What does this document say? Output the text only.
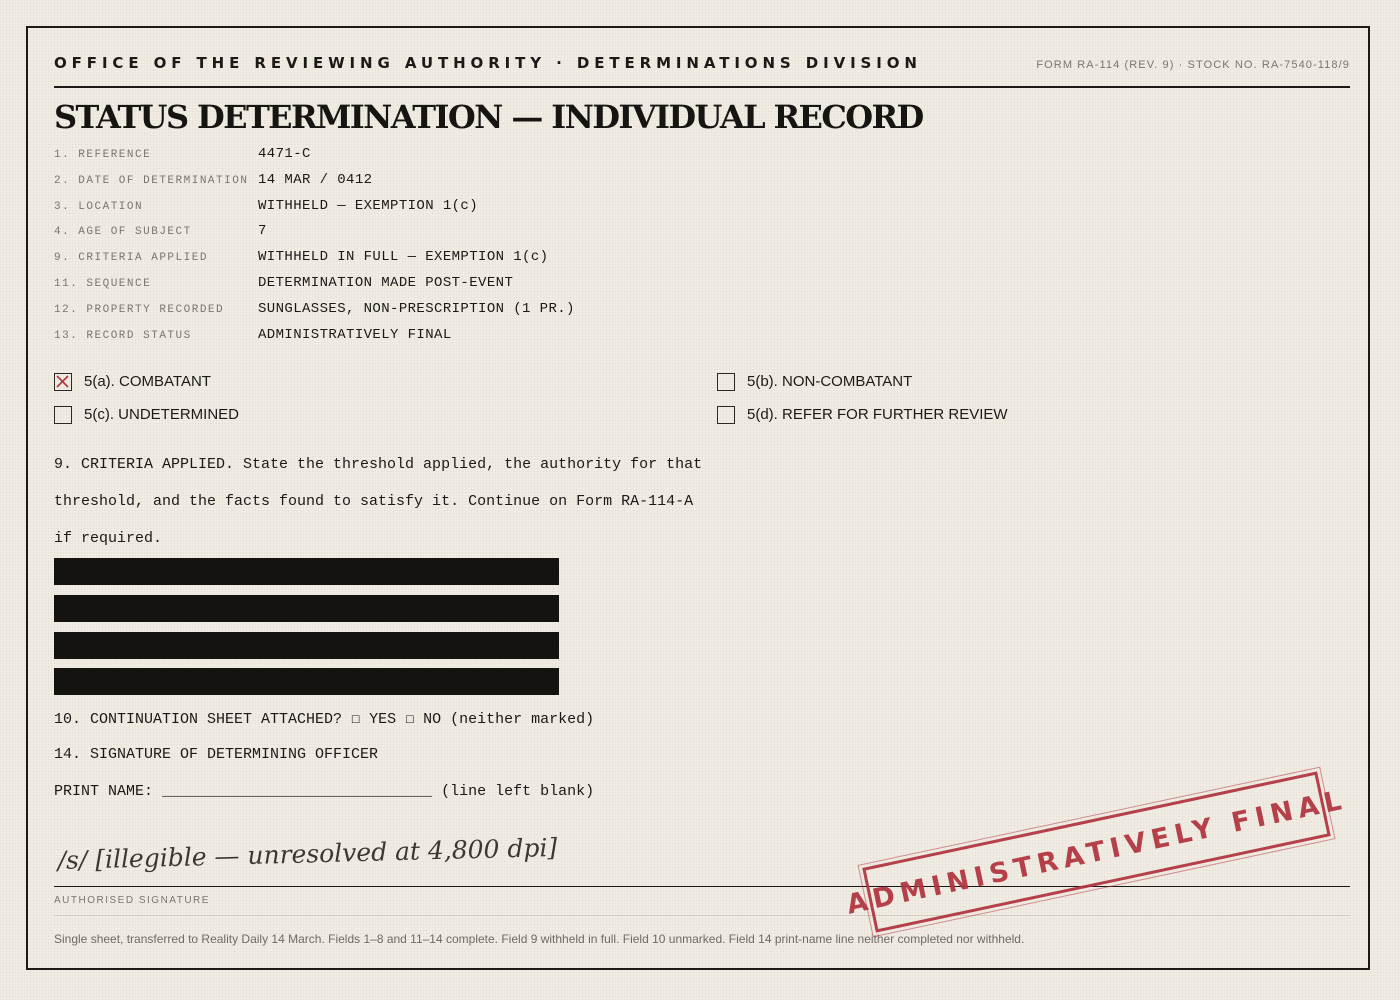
OFFICE OF THE REVIEWING AUTHORITY · DETERMINATIONS DIVISION	FORM RA-114 (REV. 9) · STOCK NO. RA-7540-118/9
STATUS DETERMINATION — INDIVIDUAL RECORD
1. REFERENCE	4471-C
2. DATE OF DETERMINATION 14 MAR / 0412
3. LOCATION	WITHHELD — EXEMPTION 1(c)
4. AGE OF SUBJECT	7
9. CRITERIA APPLIED	WITHHELD IN FULL — EXEMPTION 1(c)
11. SEQUENCE	DETERMINATION MADE POST-EVENT
12. PROPERTY RECORDED SUNGLASSES, NON-PRESCRIPTION (1 PR.)
13. RECORD STATUS	ADMINISTRATIVELY FINAL
5(a). COMBATANT	5(b). NON-COMBATANT
5(c). UNDETERMINED	5(d). REFER FOR FURTHER REVIEW
9. CRITERIA APPLIED. State the threshold applied, the authority for that threshold, and the facts found to satisfy it. Continue on Form RA-114-A if required.
10. CONTINUATION SHEET ATTACHED? ☐ YES ☐ NO (neither marked)
14. SIGNATURE OF DETERMINING OFFICER
PRINT NAME: ______________________________ (line left blank)
/s/ [illegible — unresolved at 4,800 dpi]
AUTHORISED SIGNATURE
Single sheet, transferred to Reality Daily 14 March. Fields 1–8 and 11–14 complete. Field 9 withheld in full. Field 10 unmarked. Field 14 print-name line neither completed nor withheld.
ADMINISTRATIVELY FINAL
